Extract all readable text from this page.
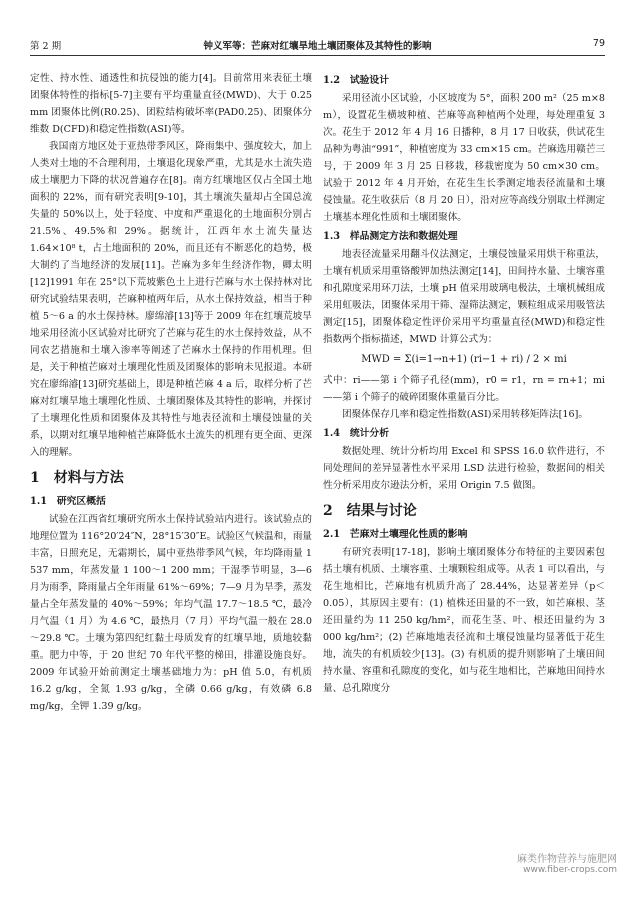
第 2 期	钟义军等：芒麻对红壤旱地土壤团聚体及其特性的影响	79

定性、持水性、通透性和抗侵蚀的能力[4]。目前常用来表征土壤团聚体特性的指标[5-7]主要有平均重量直径(MWD)、大于 0.25 mm 团聚体比例(R0.25)、团粒结构破坏率(PAD0.25)、团聚体分维数 D(CFD)和稳定性指数(ASI)等。

我国南方地区处于亚热带季风区，降雨集中、强度较大，加上人类对土地的不合理利用，土壤退化现象严重，尤其是水土流失造成土壤肥力下降的状况普遍存在[8]。南方红壤地区仅占全国土地面积的 22%，而有研究表明[9-10]，其土壤流失量却占全国总流失量的 50%以上，处于轻度、中度和严重退化的土地面积分别占 21.5%、49.5%和 29%。据统计，江西年水土流失量达 1.64×10⁸ t，占土地面积的 20%，而且还有不断恶化的趋势，极大制约了当地经济的发展[11]。芒麻为多年生经济作物，卿太明[12]1991 年在 25°以下荒坡紫色土上进行芒麻与水土保持林对比研究试验结果表明，芒麻种植两年后，从水土保持效益，相当于种植 5～6 a 的水土保持林。廖绵濬[13]等于 2009 年在红壤荒坡旱地采用径流小区试验对比研究了芒麻与花生的水土保持效益，从不同农艺措施和土壤入渗率等阐述了芒麻水土保持的作用机理。但是，关于种植芒麻对土壤理化性质及团聚体的影响未见报道。本研究在廖绵濬[13]研究基础上，即是种植芒麻 4 a 后，取样分析了芒麻对红壤旱地土壤理化性质、土壤团聚体及其特性的影响，并探讨了土壤理化性质和团聚体及其特性与地表径流和土壤侵蚀量的关系，以期对红壤旱地种植芒麻降低水土流失的机理有更全面、更深入的理解。

1　材料与方法
1.1　研究区概括

试验在江西省红壤研究所水土保持试验站内进行。该试验点的地理位置为 116°20′24″N，28°15′30″E。试验区气候温和，雨量丰富，日照充足，无霜期长，属中亚热带季风气候，年均降雨量 1 537 mm，年蒸发量 1 100～1 200 mm；干湿季节明显，3—6 月为雨季，降雨量占全年雨量 61%～69%；7—9 月为旱季，蒸发量占全年蒸发量的 40%～59%；年均气温 17.7～18.5 ℃，最冷月气温（1 月）为 4.6 ℃，最热月（7 月）平均气温一般在 28.0～29.8 ℃。土壤为第四纪红黏土母质发育的红壤旱地，质地较黏重。肥力中等，于 20 世纪 70 年代平整的梯田，排灌设施良好。2009 年试验开始前测定土壤基础地力为：pH 值 5.0，有机质 16.2 g/kg，全氮 1.93 g/kg，全磷 0.66 g/kg，有效磷 6.8 mg/kg，全钾 1.39 g/kg。

1.2　试验设计

采用径流小区试验，小区坡度为 5°，面积 200 m²（25 m×8 m），设置花生横坡种植、芒麻等高种植两个处理，每处理重复 3 次。花生于 2012 年 4 月 16 日播种，8 月 17 日收获，供试花生品种为粤油“991”，种植密度为 33 cm×15 cm。芒麻选用赣芒三号，于 2009 年 3 月 25 日移栽，移栽密度为 50 cm×30 cm。试验于 2012 年 4 月开始，在花生生长季测定地表径流量和土壤侵蚀量。花生收获后（8 月 20 日），沿对应等高线分别取土样测定土壤基本理化性质和土壤团聚体。

1.3　样品测定方法和数据处理

地表径流量采用翻斗仪法测定，土壤侵蚀量采用烘干称重法，土壤有机质采用重铬酸钾加热法测定[14]，田间持水量、土壤容重和孔隙度采用环刀法，土壤 pH 值采用玻璃电极法，土壤机械组成采用虹吸法，团聚体采用干筛、湿筛法测定，颗粒组成采用吸管法测定[15]，团聚体稳定性评价采用平均重量直径(MWD)和稳定性指数两个指标描述，MWD 计算公式为：

MWD = Σ(i=1→n+1) (ri−1 + ri) / 2 × mi

式中：ri——第 i 个筛子孔径(mm)，r0 = r1，rn = rn+1；mi——第 i 个筛子的破碎团聚体重量百分比。

团聚体保存几率和稳定性指数(ASI)采用转移矩阵法[16]。

1.4　统计分析

数据处理、统计分析均用 Excel 和 SPSS 16.0 软件进行，不同处理间的差异显著性水平采用 LSD 法进行检验，数据间的相关性分析采用皮尔逊法分析，采用 Origin 7.5 做图。

2　结果与讨论
2.1　芒麻对土壤理化性质的影响

有研究表明[17-18]，影响土壤团聚体分布特征的主要因素包括土壤有机质、土壤容重、土壤颗粒组成等。从表 1 可以看出，与花生地相比，芒麻地有机质升高了 28.44%，达显著差异（p＜0.05），其原因主要有：(1) 植株还田量的不一致，如芒麻根、茎还田量约为 11 250 kg/hm²，而花生茎、叶、根还田量约为 3 000 kg/hm²；(2) 芒麻地地表径流和土壤侵蚀量均显著低于花生地，流失的有机质较少[13]。(3) 有机质的提升则影响了土壤田间持水量、容重和孔隙度的变化，如与花生地相比，芒麻地田间持水量、总孔隙度分

麻类作物营养与施肥网
www.fiber-crops.com
